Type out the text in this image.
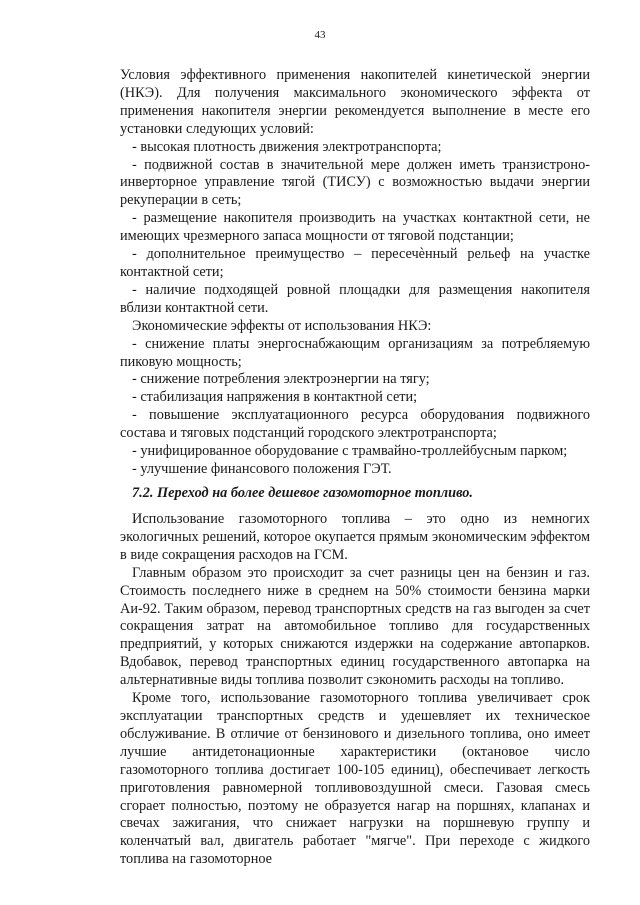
43

Условия эффективного применения накопителей кинетической энергии (НКЭ). Для получения максимального экономического эффекта от применения накопителя энергии рекомендуется выполнение в месте его установки следующих условий:

- высокая плотность движения электротранспорта;

- подвижной состав в значительной мере должен иметь транзистроно-инверторное управление тягой (ТИСУ) с возможностью выдачи энергии рекуперации в сеть;

- размещение накопителя производить на участках контактной сети, не имеющих чрезмерного запаса мощности от тяговой подстанции;

- дополнительное преимущество – пересечѐнный рельеф на участке контактной сети;

- наличие подходящей ровной площадки для размещения накопителя вблизи контактной сети.

Экономические эффекты от использования НКЭ:

- снижение платы энергоснабжающим организациям за потребляемую пиковую мощность;

- снижение потребления электроэнергии на тягу;

- стабилизация напряжения в контактной сети;

- повышение эксплуатационного ресурса оборудования подвижного состава и тяговых подстанций городского электротранспорта;

- унифицированное оборудование с трамвайно-троллейбусным парком;

- улучшение финансового положения ГЭТ.

7.2. Переход на более дешевое газомоторное топливо.

Использование газомоторного топлива – это одно из немногих экологичных решений, которое окупается прямым экономическим эффектом в виде сокращения расходов на ГСМ.

Главным образом это происходит за счет разницы цен на бензин и газ. Стоимость последнего ниже в среднем на 50% стоимости бензина марки Аи-92. Таким образом, перевод транспортных средств на газ выгоден за счет сокращения затрат на автомобильное топливо для государственных предприятий, у которых снижаются издержки на содержание автопарков. Вдобавок, перевод транспортных единиц государственного автопарка на альтернативные виды топлива позволит сэкономить расходы на топливо.

Кроме того, использование газомоторного топлива увеличивает срок эксплуатации транспортных средств и удешевляет их техническое обслуживание. В отличие от бензинового и дизельного топлива, оно имеет лучшие антидетонационные характеристики (октановое число газомоторного топлива достигает 100-105 единиц), обеспечивает легкость приготовления равномерной топливовоздушной смеси. Газовая смесь сгорает полностью, поэтому не образуется нагар на поршнях, клапанах и свечах зажигания, что снижает нагрузки на поршневую группу и коленчатый вал, двигатель работает "мягче". При переходе с жидкого топлива на газомоторное
